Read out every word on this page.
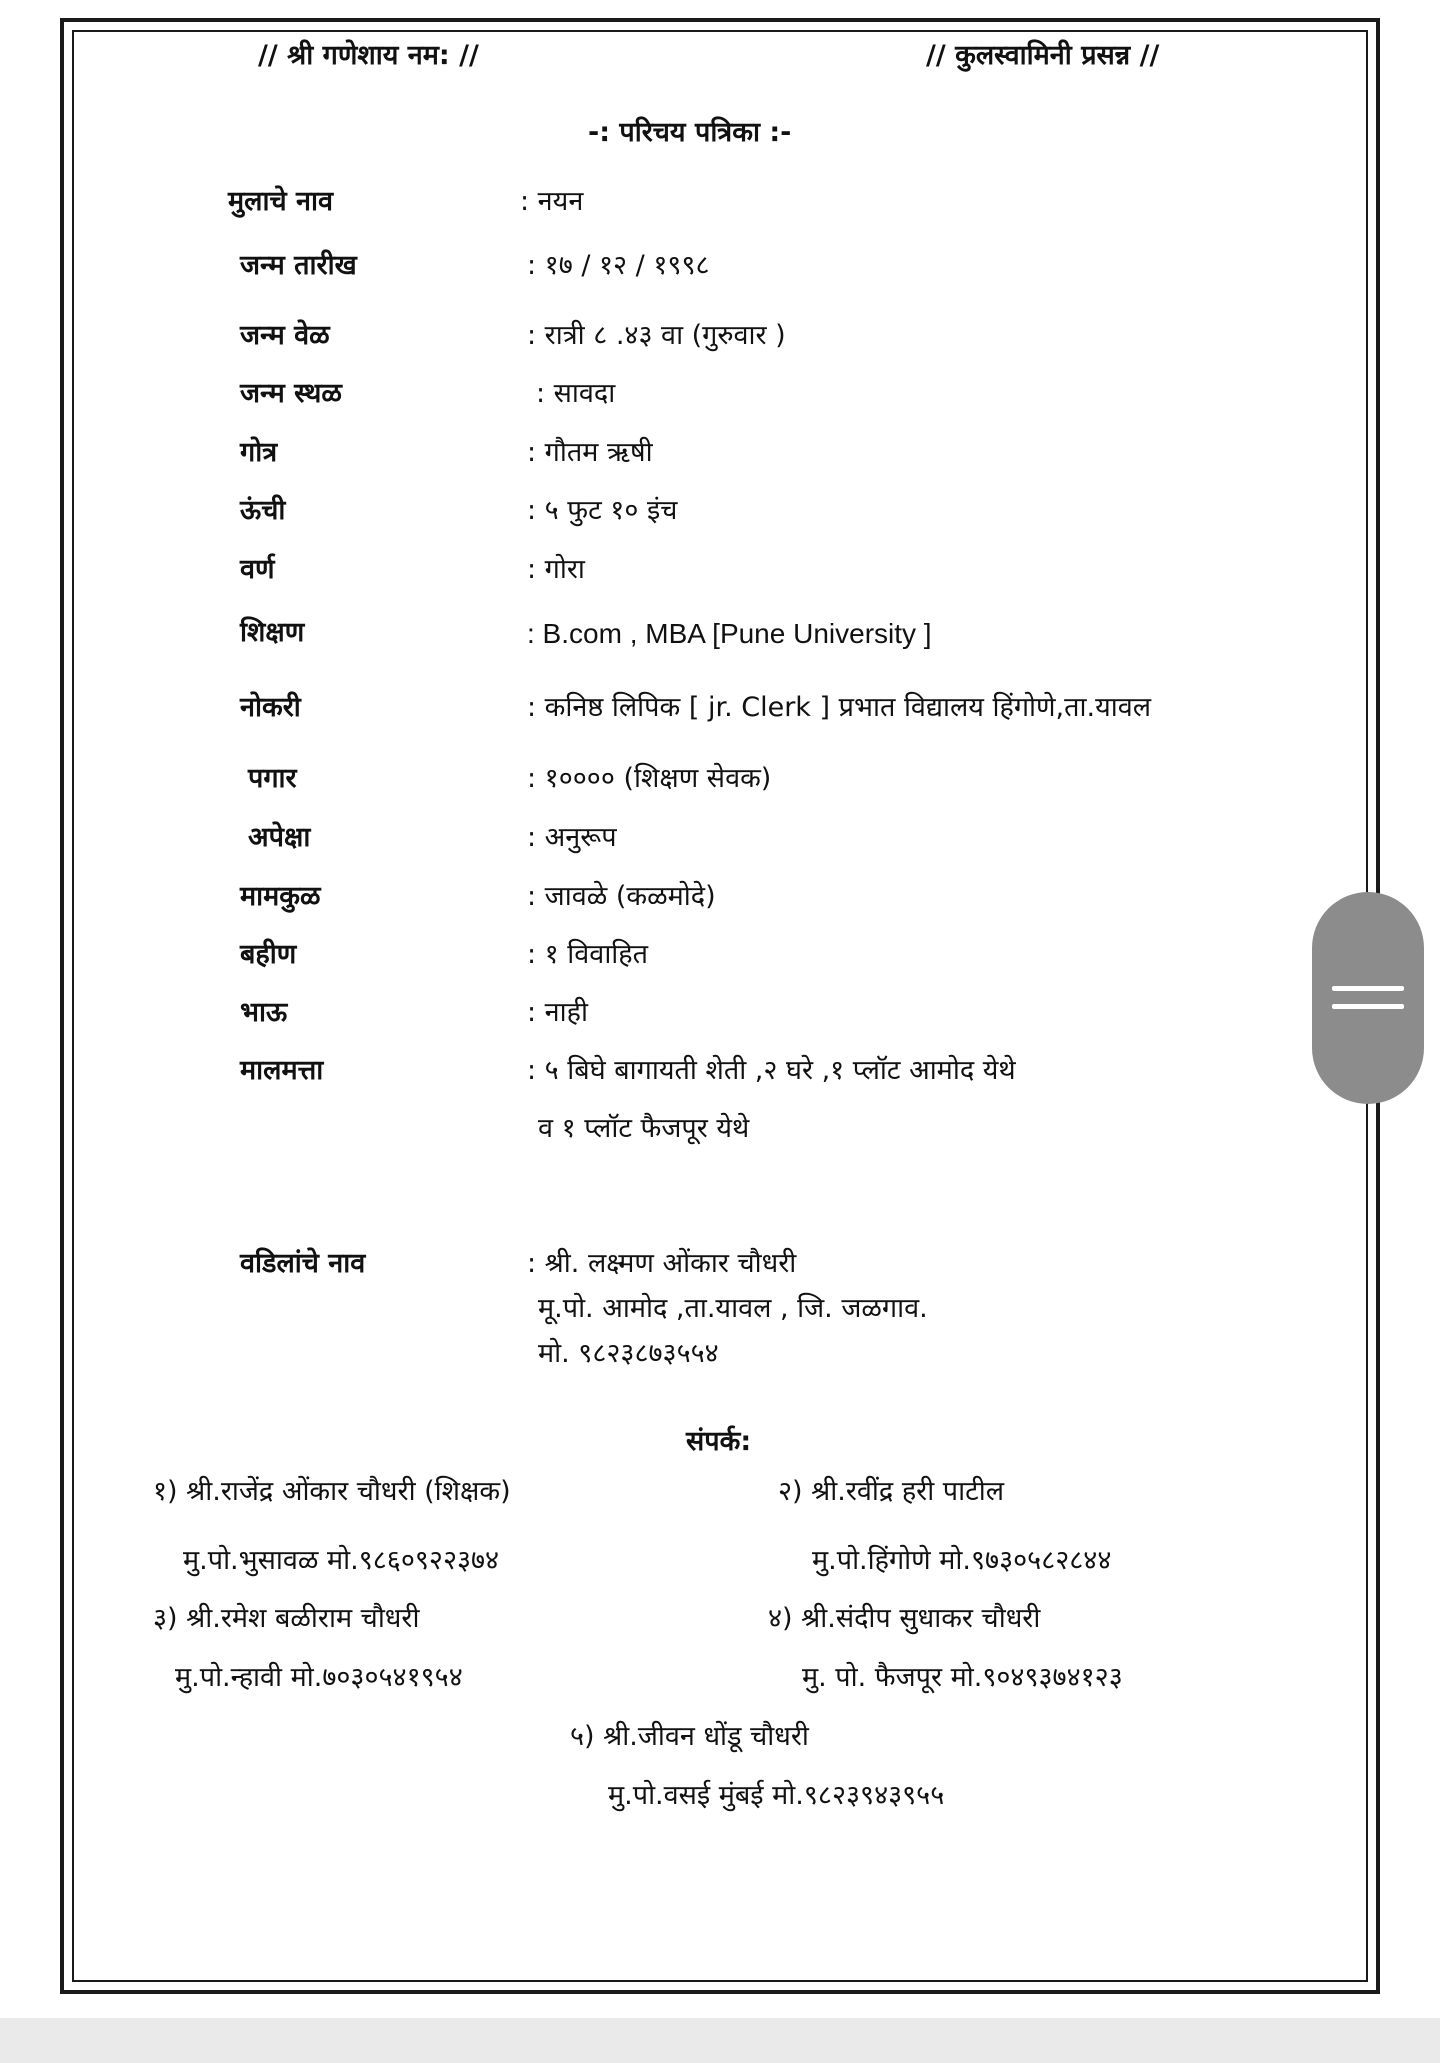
// श्री गणेशाय नम: //	// कुलस्वामिनी प्रसन्न //
-: परिचय पत्रिका :-
मुलाचे नाव	: नयन
जन्म तारीख	: १७ / १२ / १९९८
जन्म वेळ	: रात्री ८ .४३ वा (गुरुवार )
जन्म स्थळ	: सावदा
गोत्र	: गौतम ऋषी
ऊंची	: ५ फुट १० इंच
वर्ण	: गोरा
शिक्षण	: B.com , MBA [Pune University ]
नोकरी	: कनिष्ठ लिपिक [ jr. Clerk ] प्रभात विद्यालय हिंगोणे,ता.यावल
पगार	: १०००० (शिक्षण सेवक)
अपेक्षा	: अनुरूप
मामकुळ	: जावळे (कळमोदे)
बहीण	: १ विवाहित
भाऊ	: नाही
मालमत्ता	: ५ बिघे बागायती शेती ,२ घरे ,१ प्लॉट आमोद येथे
व १ प्लॉट फैजपूर येथे
वडिलांचे नाव	: श्री. लक्ष्मण ओंकार चौधरी
मू.पो. आमोद ,ता.यावल , जि. जळगाव.
मो. ९८२३८७३५५४
संपर्क:
१) श्री.राजेंद्र ओंकार चौधरी (शिक्षक)
मु.पो.भुसावळ मो.९८६०९२२३७४
२) श्री.रवींद्र हरी पाटील
मु.पो.हिंगोणे मो.९७३०५८२८४४
३) श्री.रमेश बळीराम चौधरी
मु.पो.न्हावी मो.७०३०५४१९५४
४) श्री.संदीप सुधाकर चौधरी
मु. पो. फैजपूर मो.९०४९३७४१२३
५) श्री.जीवन धोंडू चौधरी
मु.पो.वसई मुंबई मो.९८२३९४३९५५
